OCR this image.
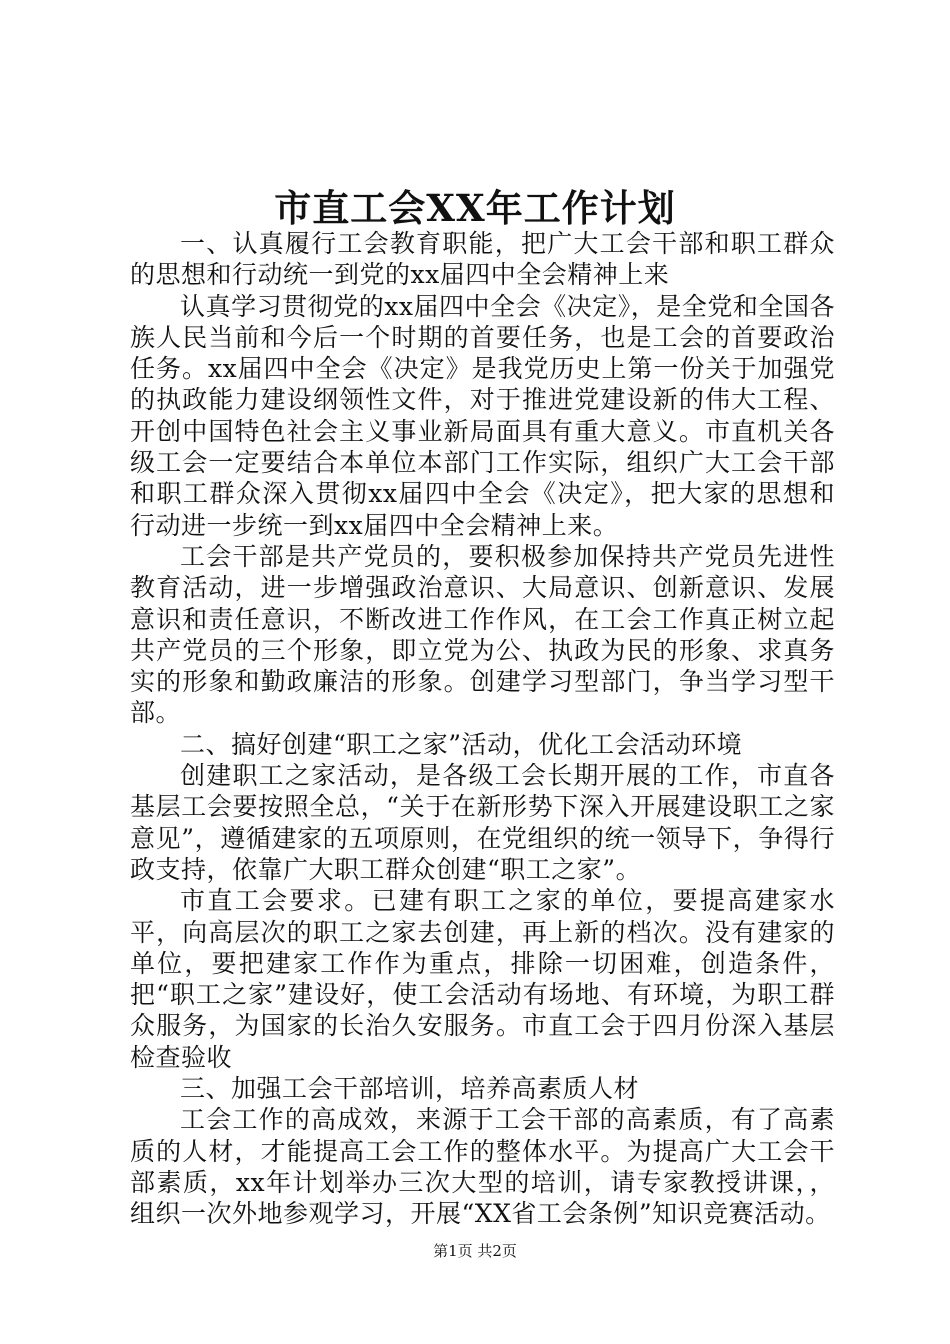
市直工会XX年工作计划

一、认真履行工会教育职能，把广大工会干部和职工群众的思想和行动统一到党的xx届四中全会精神上来

认真学习贯彻党的xx届四中全会《决定》，是全党和全国各族人民当前和今后一个时期的首要任务，也是工会的首要政治任务。xx届四中全会《决定》是我党历史上第一份关于加强党的执政能力建设纲领性文件，对于推进党建设新的伟大工程、开创中国特色社会主义事业新局面具有重大意义。市直机关各级工会一定要结合本单位本部门工作实际，组织广大工会干部和职工群众深入贯彻xx届四中全会《决定》，把大家的思想和行动进一步统一到xx届四中全会精神上来。

工会干部是共产党员的，要积极参加保持共产党员先进性教育活动，进一步增强政治意识、大局意识、创新意识、发展意识和责任意识，不断改进工作作风，在工会工作真正树立起共产党员的三个形象，即立党为公、执政为民的形象、求真务实的形象和勤政廉洁的形象。创建学习型部门，争当学习型干部。

二、搞好创建“职工之家”活动，优化工会活动环境

创建职工之家活动，是各级工会长期开展的工作，市直各基层工会要按照全总，“关于在新形势下深入开展建设职工之家意见”，遵循建家的五项原则，在党组织的统一领导下，争得行政支持，依靠广大职工群众创建“职工之家”。

市直工会要求。已建有职工之家的单位，要提高建家水平，向高层次的职工之家去创建，再上新的档次。没有建家的单位，要把建家工作作为重点，排除一切困难，创造条件，把“职工之家”建设好，使工会活动有场地、有环境，为职工群众服务，为国家的长治久安服务。市直工会于四月份深入基层检查验收

三、加强工会干部培训，培养高素质人材

工会工作的高成效，来源于工会干部的高素质，有了高素质的人材，才能提高工会工作的整体水平。为提高广大工会干部素质，xx年计划举办三次大型的培训，请专家教授讲课，，组织一次外地参观学习，开展“XX省工会条例”知识竞赛活动。

第1页 共2页
